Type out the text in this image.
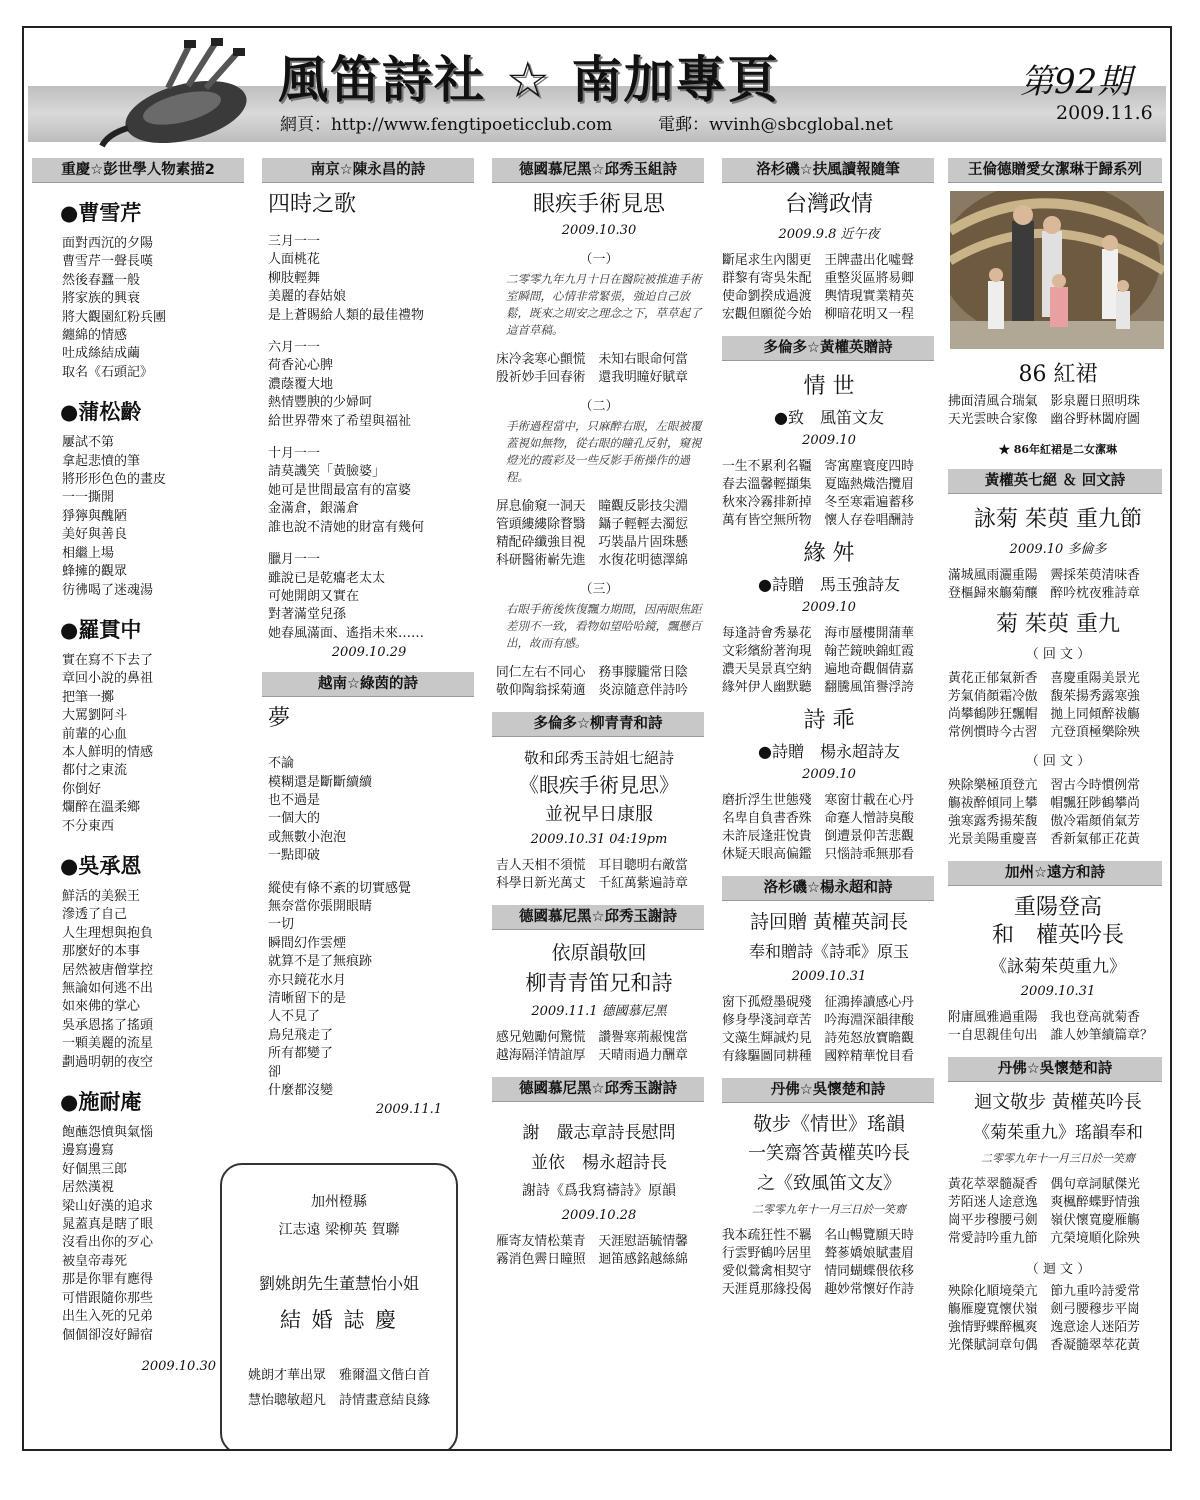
風笛詩社 ☆ 南加專頁	第92期
2009.11.6
網頁：http://www.fengtipoeticclub.com	電郵：wvinh@sbcglobal.net
重慶☆彭世學人物素描2
●曹雪芹
面對西沉的夕陽
曹雪芹一聲長嘆
然後春蠶一般
將家族的興衰
將大觀園紅粉兵團
纏綿的情感
吐成絲結成繭
取名《石頭記》
●蒲松齡
屢試不第
拿起悲憤的筆
將形形色色的畫皮
一一撕開
猙獰與醜陋
美好與善良
相繼上場
蜂擁的觀眾
彷彿喝了迷魂湯
●羅貫中
實在寫不下去了
章回小說的鼻祖
把筆一擲
大罵劉阿斗
前輩的心血
本人鮮明的情感
都付之東流
你倒好
爛醉在溫柔鄉
不分東西
●吳承恩
鮮活的美猴王
滲透了自己
人生理想與抱負
那麼好的本事
居然被唐僧掌控
無論如何逃不出
如來佛的掌心
吳承恩搖了搖頭
一顆美麗的流星
劃過明朝的夜空
●施耐庵
飽蘸怨憤與氣惱
邊寫邊寫
好個黑三郎
居然漢視
梁山好漢的追求
晁蓋真是瞎了眼
沒看出你的歹心
被皇帝毒死
那是你罪有應得
可惜跟隨你那些
出生入死的兄弟
個個卻沒好歸宿
2009.10.30
南京☆陳永昌的詩
四時之歌
三月一一
人面桃花
柳肢輕舞
美麗的春姑娘
是上蒼賜給人類的最佳禮物
六月一一
荷香沁心脾
濃蔭覆大地
熱情豐腴的少婦呵
給世界帶來了希望與福祉
十月一一
請莫譏笑「黃臉婆」
她可是世間最富有的富婆
金滿倉，銀滿倉
誰也說不清她的財富有幾何
臘月一一
雖說已是乾癟老太太
可她開朗又實在
對著滿堂兒孫
她春風滿面、遙指未來……
2009.10.29
越南☆綠茵的詩
夢
不論
模糊還是斷斷續續
也不過是
一個大的
或無數小泡泡
一點即破
縱使有條不紊的切實感覺
無奈當你張開眼睛
一切
瞬間幻作雲煙
就算不是了無痕跡
亦只鏡花水月
清晰留下的是
人不見了
鳥兒飛走了
所有都變了
卻
什麼都沒變
2009.11.1
加州橙縣
江志遠 梁柳英 賀聯
劉姚朗先生董慧怡小姐
結 婚 誌 慶
姚朗才華出眾　雅爾溫文偕白首
慧怡聰敏超凡　詩情畫意結良緣
德國慕尼黑☆邱秀玉組詩
眼疾手術見思
2009.10.30
（一）
二零零九年九月十日在醫院被推進手術室瞬間，心情非常緊張，強迫自己放鬆，既來之則安之理念之下，草草起了這首草稿。
床冷衾寒心顫慌　未知右眼命何當
殷祈妙手回春術　還我明瞳好賦章
（二）
手術過程當中，只麻醉右眼，左眼被覆蓋視如無物，從右眼的瞳孔反射，窺視燈光的霞彩及一些反影手術操作的過程。
屏息偷窺一洞天　瞳觀反影技尖淵
管頭縷縷除瞀翳　鑷子輕輕去濁愆
精配砕纖強目視　巧裝晶片固珠懸
科研醫術嶄先進　水復花明德澤綿
（三）
右眼手術後恢復飄力期間，因兩眼焦距差別不一致，看物如望哈哈鏡，飄懸百出，故而有感。
同仁左右不同心　務事朦朧常日陰
敬仰陶翁採菊適　炎涼隨意伴詩吟
多倫多☆柳青青和詩
敬和邱秀玉詩姐七絕詩
《眼疾手術見思》
並祝早日康服
2009.10.31 04:19pm
吉人天相不須慌　耳目聰明右敵當
科學日新光萬丈　千紅萬紫遍詩章
德國慕尼黑☆邱秀玉謝詩
依原韻敬回
柳青青笛兄和詩
2009.11.1 德國慕尼黑
感兄勉勵何驚慌　讚譽寒荊赧愧當
越海隔洋情誼厚　天晴雨過力酬章
德國慕尼黑☆邱秀玉謝詩
謝　嚴志章詩長慰問
並依　楊永超詩長
謝詩《爲我寫禱詩》原韻
2009.10.28
雁寄友情松葉青　天涯慰語毓情馨
霧消色霽日瞳照　迴笛感銘越絲綿
洛杉磯☆扶風讀報隨筆
台灣政情
2009.9.8 近午夜
斷尾求生內閣更　王牌盡出化噓聲
群黎有寄吳朱配　重整災區將易卿
使命劉揆成過渡　輿情現實業精英
宏觀但願從今始　柳暗花明又一程
多倫多☆黃權英贈詩
情 世
●致　風笛文友
2009.10
一生不累利名韁　寄寓塵寰度四時
春去溫馨輕擷集　夏臨熱熾浩攬眉
秋來冷霧排新掉　冬至寒霜遍蓄移
萬有皆空無所物　懷人存卷唱酬詩
緣 舛
●詩贈　馬玉強詩友
2009.10
每逢詩會秀暴花　海市蜃樓開蒲華
文彩繽紛著洵現　翰芒鏡映錦虹霞
濃天昊景真空納　遍地奇觀個倩嘉
緣舛伊人幽默聽　翻騰風笛譽浮誇
詩 乖
●詩贈　楊永超詩友
2009.10
磨折浮生世態殘　寒窗廿載在心丹
名卑自負書香殊　命蹇人憎詩臭酸
未許辰逢莊悅貴　倒遭景仰苦悲觀
休疑天眼高偏鑑　只惱詩乖無那看
洛杉磯☆楊永超和詩
詩回贈 黃權英詞長
奉和贈詩《詩乖》原玉
2009.10.31
窗下孤燈墨硯殘　征鴻捧讀感心丹
修身學淺詞章苦　吟海淵深韻律酸
文藻生輝誠灼見　詩苑怒放寶瞻觀
有緣驅圖同耕種　國粹精華悅目看
丹佛☆吳懷楚和詩
敬步《情世》瑤韻
一笑齋答黃權英吟長
之《致風笛文友》
二零零九年十一月三日於一笑齋
我本疏狂性不羈　名山暢覽願天時
行雲野鶴吟居里　聱蔘嬌娘賦畫眉
愛似鶯禽相契守　情同蝴蝶偎依移
天涯覓那緣投偈　趣妙常懷好作詩
王倫德贈愛女潔琳于歸系列
86 紅裙
拂面清風合瑞氣　影泉麗日照明珠
天光雲映合家像　幽谷野林闔府圖
★ 86年紅裙是二女潔琳
黃權英七絕 ＆ 回文詩
詠菊 茱萸 重九節
2009.10 多倫多
滿城風雨灑重陽　霽採茱萸清味香
登樞歸來觴菊釀　醉吟枕夜雅詩章
菊 茱萸 重九
（ 回 文 ）
黃花正郁氣新香　喜慶重陽美景光
芳氣俏顏霜冷傲　馥茱揚秀露寒強
尚攀鶴陟狂飄帽　拋上同傾醉祓觴
常例慣時今古習　亢登頂極樂除殃
（ 回 文 ）
殃除樂極頂登亢　習古今時慣例常
觴祓醉傾同上攀　帽飄狂陟鶴攀尚
強寒露秀揚茱馥　傲冷霜顏俏氣芳
光景美陽重慶喜　香新氣郁正花黃
加州☆遠方和詩
重陽登高
和　權英吟長
《詠菊茱萸重九》
2009.10.31
附庸風雅過重陽　我也登高就菊香
一自思親佳句出　誰人妙筆續篇章？
丹佛☆吳懷楚和詩
迴文敬步 黃權英吟長
《菊茱重九》瑤韻奉和
二零零九年十一月三日於一笑齋
黃花萃翠髓凝香　偶句章詞賦傑光
芳陌迷人途意逸　爽楓醉蝶野情強
崗平步穆腰弓劍　嶺伏懷寬慶雁觴
常愛詩吟重九節　亢榮境順化除殃
（ 迴 文 ）
殃除化順境榮亢　節九重吟詩愛常
觴雁慶寬懷伏嶺　劍弓腰穆步平崗
強情野蝶醉楓爽　逸意途人迷陌芳
光傑賦詞章句偶　香凝髓翠萃花黃
